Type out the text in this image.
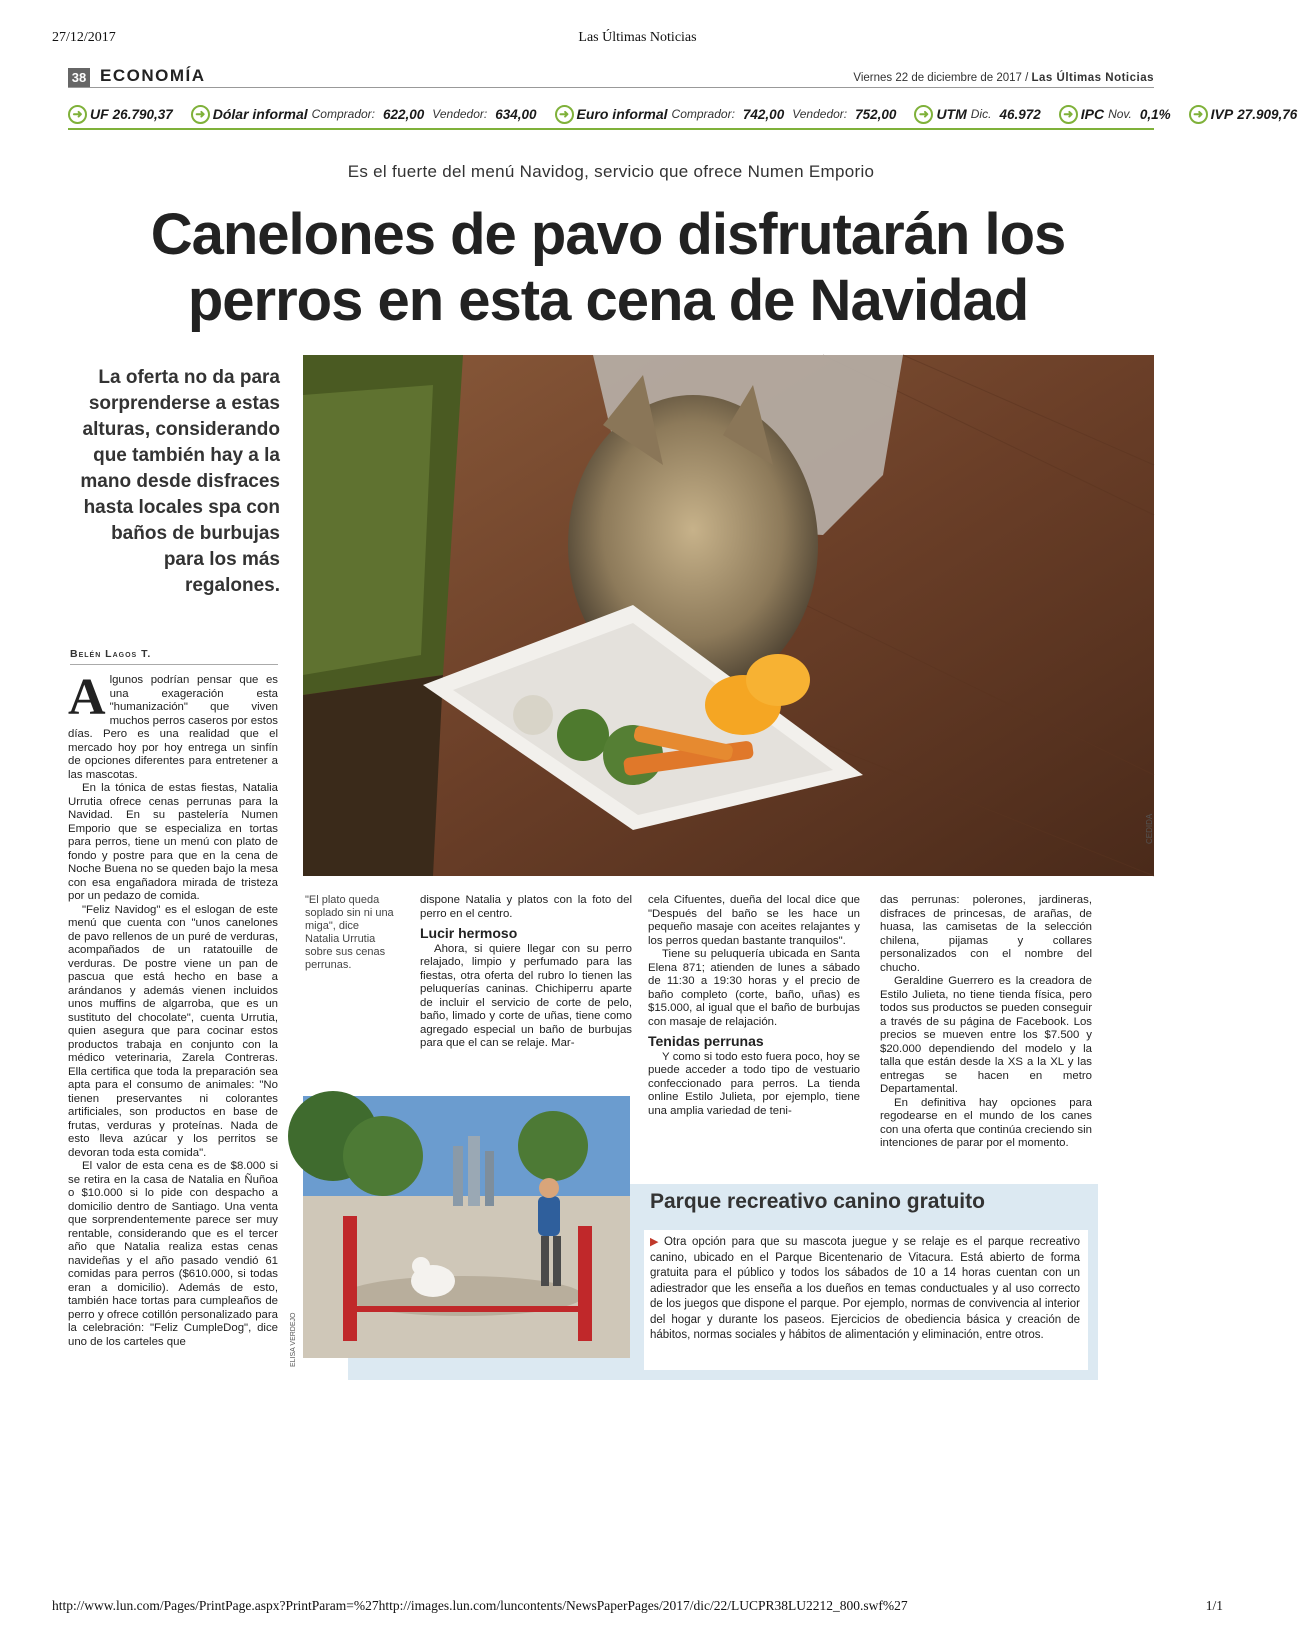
27/12/2017	Las Últimas Noticias
38 ECONOMÍA	Viernes 22 de diciembre de 2017 / Las Últimas Noticias
➜ UF 26.790,37	➜ Dólar informal Comprador: 622,00 Vendedor: 634,00	➜ Euro informal Comprador: 742,00 Vendedor: 752,00	➜ UTM Dic. 46.972	➜ IPC Nov. 0,1%	➜ IVP 27.909,76
Es el fuerte del menú Navidog, servicio que ofrece Numen Emporio
Canelones de pavo disfrutarán los perros en esta cena de Navidad
La oferta no da para sorprenderse a estas alturas, considerando que también hay a la mano desde disfraces hasta locales spa con baños de burbujas para los más regalones.
CEDIDA
Belén Lagos T.

Algunos podrían pensar que es una exageración esta "humanización" que viven muchos perros caseros por estos días. Pero es una realidad que el mercado hoy por hoy entrega un sinfín de opciones diferentes para entretener a las mascotas.

En la tónica de estas fiestas, Natalia Urrutia ofrece cenas perrunas para la Navidad. En su pastelería Numen Emporio que se especializa en tortas para perros, tiene un menú con plato de fondo y postre para que en la cena de Noche Buena no se queden bajo la mesa con esa engañadora mirada de tristeza por un pedazo de comida.

"Feliz Navidog" es el eslogan de este menú que cuenta con "unos canelones de pavo rellenos de un puré de verduras, acompañados de un ratatouille de verduras. De postre viene un pan de pascua que está hecho en base a arándanos y además vienen incluidos unos muffins de algarroba, que es un sustituto del chocolate", cuenta Urrutia, quien asegura que para cocinar estos productos trabaja en conjunto con la médico veterinaria, Zarela Contreras. Ella certifica que toda la preparación sea apta para el consumo de animales: "No tienen preservantes ni colorantes artificiales, son productos en base de frutas, verduras y proteínas. Nada de esto lleva azúcar y los perritos se devoran toda esta comida".

El valor de esta cena es de $8.000 si se retira en la casa de Natalia en Ñuñoa o $10.000 si lo pide con despacho a domicilio dentro de Santiago. Una venta que sorprendentemente parece ser muy rentable, considerando que es el tercer año que Natalia realiza estas cenas navideñas y el año pasado vendió 61 comidas para perros ($610.000, si todas eran a domicilio). Además de esto, también hace tortas para cumpleaños de perro y ofrece cotillón personalizado para la celebración: "Feliz CumpleDog", dice uno de los carteles que

"El plato queda soplado sin ni una miga", dice Natalia Urrutia sobre sus cenas perrunas.

dispone Natalia y platos con la foto del perro en el centro.

Lucir hermoso

Ahora, si quiere llegar con su perro relajado, limpio y perfumado para las fiestas, otra oferta del rubro lo tienen las peluquerías caninas. Chichiperru aparte de incluir el servicio de corte de pelo, baño, limado y corte de uñas, tiene como agregado especial un baño de burbujas para que el can se relaje. Mar-

cela Cifuentes, dueña del local dice que "Después del baño se les hace un pequeño masaje con aceites relajantes y los perros quedan bastante tranquilos".

Tiene su peluquería ubicada en Santa Elena 871; atienden de lunes a sábado de 11:30 a 19:30 horas y el precio de baño completo (corte, baño, uñas) es $15.000, al igual que el baño de burbujas con masaje de relajación.

Tenidas perrunas

Y como si todo esto fuera poco, hoy se puede acceder a todo tipo de vestuario confeccionado para perros. La tienda online Estilo Julieta, por ejemplo, tiene una amplia variedad de teni-

das perrunas: polerones, jardineras, disfraces de princesas, de arañas, de huasa, las camisetas de la selección chilena, pijamas y collares personalizados con el nombre del chucho.

Geraldine Guerrero es la creadora de Estilo Julieta, no tiene tienda física, pero todos sus productos se pueden conseguir a través de su página de Facebook. Los precios se mueven entre los $7.500 y $20.000 dependiendo del modelo y la talla que están desde la XS a la XL y las entregas se hacen en metro Departamental.

En definitiva hay opciones para regodearse en el mundo de los canes con una oferta que continúa creciendo sin intenciones de parar por el momento.

Parque recreativo canino gratuito
▶ Otra opción para que su mascota juegue y se relaje es el parque recreativo canino, ubicado en el Parque Bicentenario de Vitacura. Está abierto de forma gratuita para el público y todos los sábados de 10 a 14 horas cuentan con un adiestrador que les enseña a los dueños en temas conductuales y al uso correcto de los juegos que dispone el parque. Por ejemplo, normas de convivencia al interior del hogar y durante los paseos. Ejercicios de obediencia básica y creación de hábitos, normas sociales y hábitos de alimentación y eliminación, entre otros.
ELISA VERDEJO
http://www.lun.com/Pages/PrintPage.aspx?PrintParam=%27http://images.lun.com/luncontents/NewsPaperPages/2017/dic/22/LUCPR38LU2212_800.swf%27	1/1
